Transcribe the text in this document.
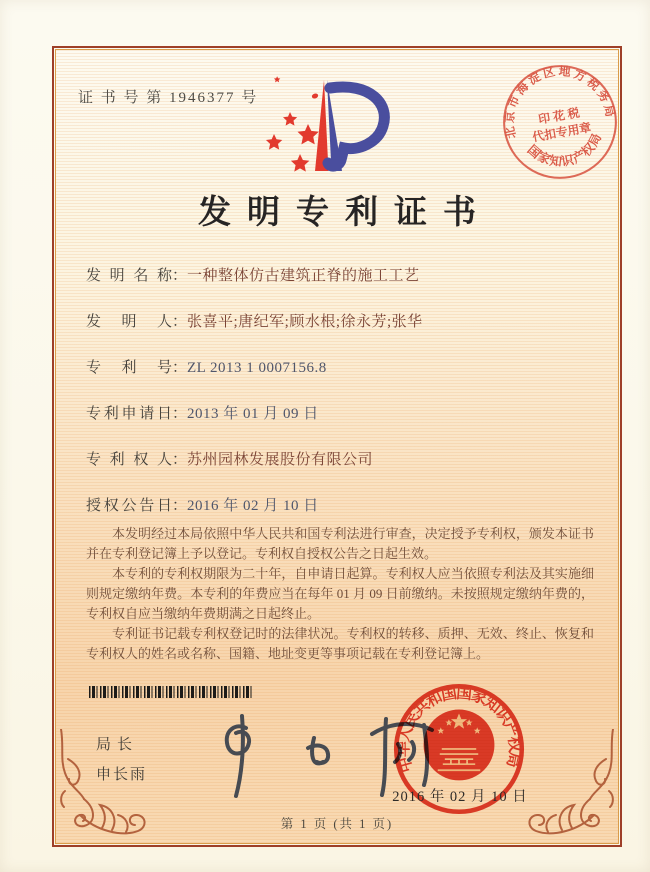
证 书 号 第 1946377 号
北京市海淀区地方税务局
国家知识产权局
印 花 税
代扣专用章
发明专利证书
发明名称：一种整体仿古建筑正脊的施工工艺
发明人：张喜平;唐纪军;顾水根;徐永芳;张华
专利号：ZL 2013 1 0007156.8
专利申请日：2013 年 01 月 09 日
专利权人：苏州园林发展股份有限公司
授权公告日：2016 年 02 月 10 日

本发明经过本局依照中华人民共和国专利法进行审查，决定授予专利权，颁发本证书并在专利登记簿上予以登记。专利权自授权公告之日起生效。

本专利的专利权期限为二十年，自申请日起算。专利权人应当依照专利法及其实施细则规定缴纳年费。本专利的年费应当在每年 01 月 09 日前缴纳。未按照规定缴纳年费的，专利权自应当缴纳年费期满之日起终止。

专利证书记载专利权登记时的法律状况。专利权的转移、质押、无效、终止、恢复和专利权人的姓名或名称、国籍、地址变更等事项记载在专利登记簿上。

局长
申长雨
中华人民共和国国家知识产权局
2016 年 02 月 10 日
第 1 页 (共 1 页)
